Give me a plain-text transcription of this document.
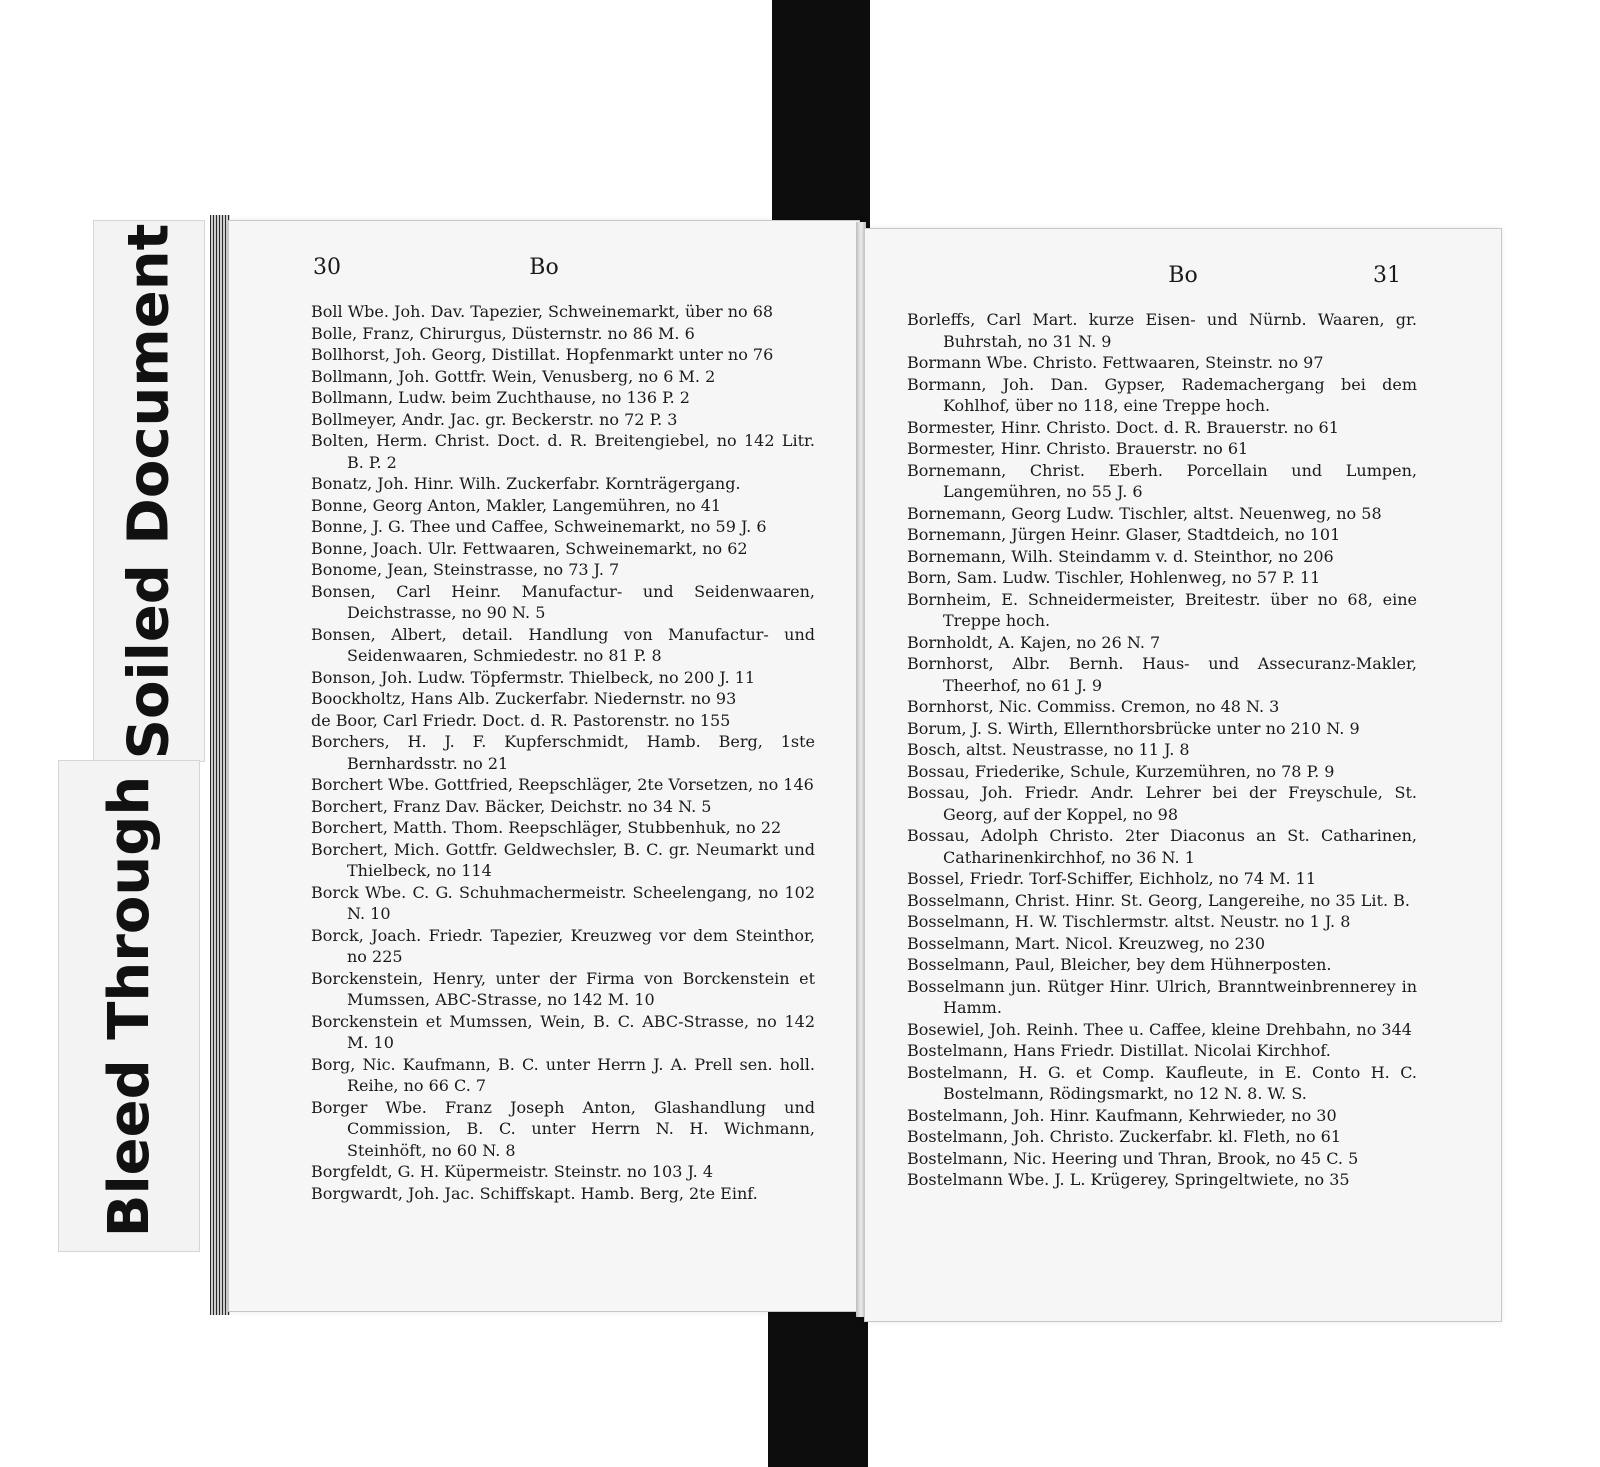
Soiled Document
Bleed Through
Bo
30
Boll Wbe. Joh. Dav. Tapezier, Schweinemarkt, über no 68
Bolle, Franz, Chirurgus, Düsternstr. no 86 M. 6
Bollhorst, Joh. Georg, Distillat. Hopfenmarkt unter no 76
Bollmann, Joh. Gottfr. Wein, Venusberg, no 6 M. 2
Bollmann, Ludw. beim Zuchthause, no 136 P. 2
Bollmeyer, Andr. Jac. gr. Beckerstr. no 72 P. 3
Bolten, Herm. Christ. Doct. d. R. Breitengiebel, no 142 Litr. B. P. 2
Bonatz, Joh. Hinr. Wilh. Zuckerfabr. Kornträgergang.
Bonne, Georg Anton, Makler, Langemühren, no 41
Bonne, J. G. Thee und Caffee, Schweinemarkt, no 59 J. 6
Bonne, Joach. Ulr. Fettwaaren, Schweinemarkt, no 62
Bonome, Jean, Steinstrasse, no 73 J. 7
Bonsen, Carl Heinr. Manufactur- und Seidenwaaren, Deichstrasse, no 90 N. 5
Bonsen, Albert, detail. Handlung von Manufactur- und Seidenwaaren, Schmiedestr. no 81 P. 8
Bonson, Joh. Ludw. Töpfermstr. Thielbeck, no 200 J. 11
Boockholtz, Hans Alb. Zuckerfabr. Niedernstr. no 93
de Boor, Carl Friedr. Doct. d. R. Pastorenstr. no 155
Borchers, H. J. F. Kupferschmidt, Hamb. Berg, 1ste Bernhardsstr. no 21
Borchert Wbe. Gottfried, Reepschläger, 2te Vorsetzen, no 146
Borchert, Franz Dav. Bäcker, Deichstr. no 34 N. 5
Borchert, Matth. Thom. Reepschläger, Stubbenhuk, no 22
Borchert, Mich. Gottfr. Geldwechsler, B. C. gr. Neumarkt und Thielbeck, no 114
Borck Wbe. C. G. Schuhmachermeistr. Scheelengang, no 102 N. 10
Borck, Joach. Friedr. Tapezier, Kreuzweg vor dem Steinthor, no 225
Borckenstein, Henry, unter der Firma von Borckenstein et Mumssen, ABC-Strasse, no 142 M. 10
Borckenstein et Mumssen, Wein, B. C. ABC-Strasse, no 142 M. 10
Borg, Nic. Kaufmann, B. C. unter Herrn J. A. Prell sen. holl. Reihe, no 66 C. 7
Borger Wbe. Franz Joseph Anton, Glashandlung und Commission, B. C. unter Herrn N. H. Wichmann, Steinhöft, no 60 N. 8
Borgfeldt, G. H. Küpermeistr. Steinstr. no 103 J. 4
Borgwardt, Joh. Jac. Schiffskapt. Hamb. Berg, 2te Einf.
Bo	31
Borleffs, Carl Mart. kurze Eisen- und Nürnb. Waaren, gr. Buhrstah, no 31 N. 9
Bormann Wbe. Christo. Fettwaaren, Steinstr. no 97
Bormann, Joh. Dan. Gypser, Rademachergang bei dem Kohlhof, über no 118, eine Treppe hoch.
Bormester, Hinr. Christo. Doct. d. R. Brauerstr. no 61
Bormester, Hinr. Christo. Brauerstr. no 61
Bornemann, Christ. Eberh. Porcellain und Lumpen, Langemühren, no 55 J. 6
Bornemann, Georg Ludw. Tischler, altst. Neuenweg, no 58
Bornemann, Jürgen Heinr. Glaser, Stadtdeich, no 101
Bornemann, Wilh. Steindamm v. d. Steinthor, no 206
Born, Sam. Ludw. Tischler, Hohlenweg, no 57 P. 11
Bornheim, E. Schneidermeister, Breitestr. über no 68, eine Treppe hoch.
Bornholdt, A. Kajen, no 26 N. 7
Bornhorst, Albr. Bernh. Haus- und Assecuranz-Makler, Theerhof, no 61 J. 9
Bornhorst, Nic. Commiss. Cremon, no 48 N. 3
Borum, J. S. Wirth, Ellernthorsbrücke unter no 210 N. 9
Bosch, altst. Neustrasse, no 11 J. 8
Bossau, Friederike, Schule, Kurzemühren, no 78 P. 9
Bossau, Joh. Friedr. Andr. Lehrer bei der Freyschule, St. Georg, auf der Koppel, no 98
Bossau, Adolph Christo. 2ter Diaconus an St. Catharinen, Catharinenkirchhof, no 36 N. 1
Bossel, Friedr. Torf-Schiffer, Eichholz, no 74 M. 11
Bosselmann, Christ. Hinr. St. Georg, Langereihe, no 35 Lit. B.
Bosselmann, H. W. Tischlermstr. altst. Neustr. no 1 J. 8
Bosselmann, Mart. Nicol. Kreuzweg, no 230
Bosselmann, Paul, Bleicher, bey dem Hühnerposten.
Bosselmann jun. Rütger Hinr. Ulrich, Branntweinbrennerey in Hamm.
Bosewiel, Joh. Reinh. Thee u. Caffee, kleine Drehbahn, no 344
Bostelmann, Hans Friedr. Distillat. Nicolai Kirchhof.
Bostelmann, H. G. et Comp. Kaufleute, in E. Conto H. C. Bostelmann, Rödingsmarkt, no 12 N. 8. W. S.
Bostelmann, Joh. Hinr. Kaufmann, Kehrwieder, no 30
Bostelmann, Joh. Christo. Zuckerfabr. kl. Fleth, no 61
Bostelmann, Nic. Heering und Thran, Brook, no 45 C. 5
Bostelmann Wbe. J. L. Krügerey, Springeltwiete, no 35
